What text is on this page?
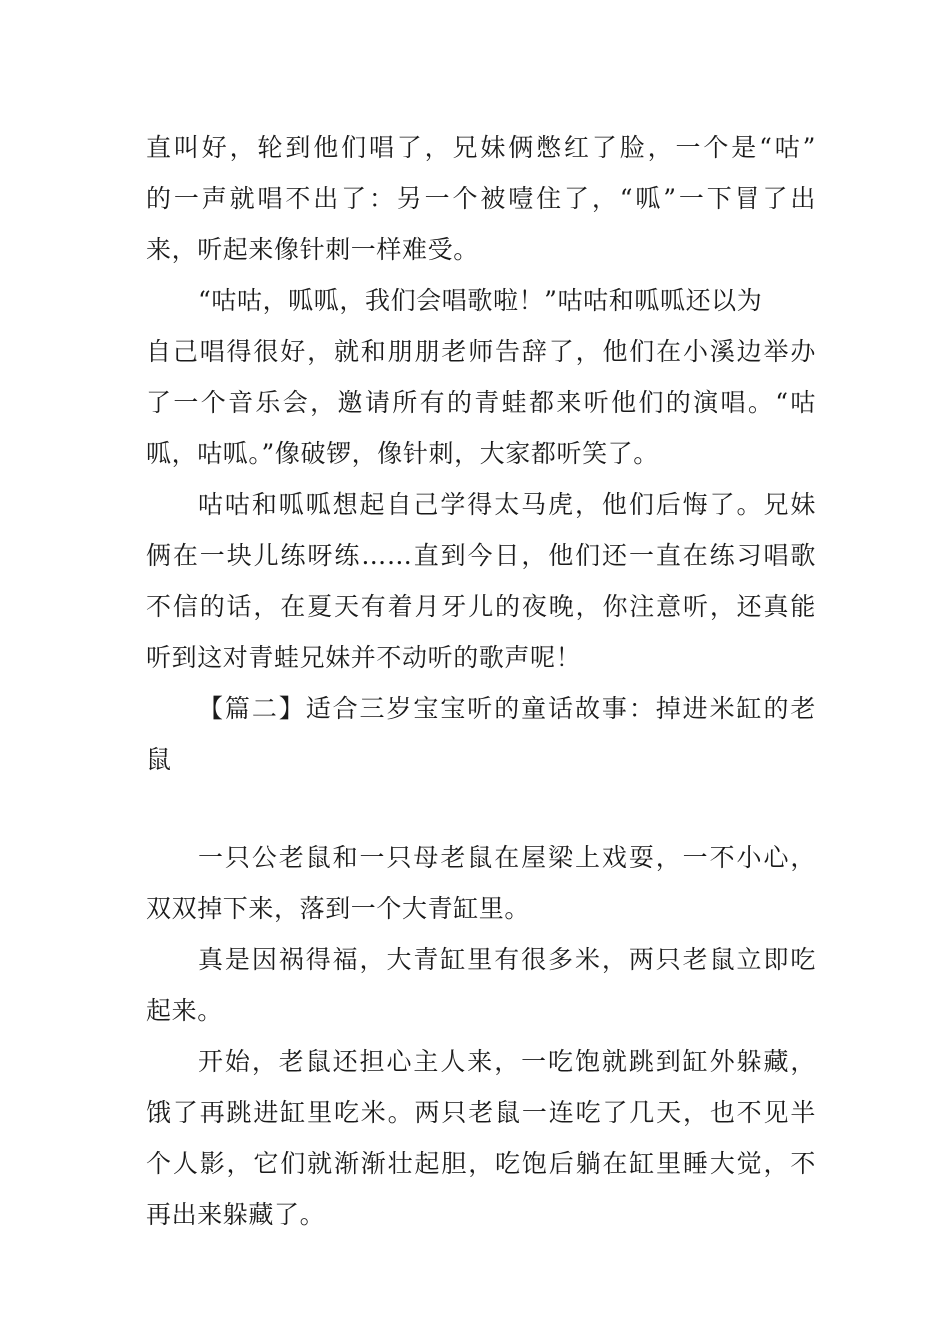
直叫好，轮到他们唱了，兄妹俩憋红了脸，一个是“咕”
的一声就唱不出了：另一个被噎住了，“呱”一下冒了出
来，听起来像针刺一样难受。
“咕咕，呱呱，我们会唱歌啦！”咕咕和呱呱还以为
自己唱得很好，就和朋朋老师告辞了，他们在小溪边举办
了一个音乐会，邀请所有的青蛙都来听他们的演唱。“咕
呱，咕呱。”像破锣，像针刺，大家都听笑了。
咕咕和呱呱想起自己学得太马虎，他们后悔了。兄妹
俩在一块儿练呀练……直到今日，他们还一直在练习唱歌
不信的话，在夏天有着月牙儿的夜晚，你注意听，还真能
听到这对青蛙兄妹并不动听的歌声呢！
【篇二】适合三岁宝宝听的童话故事：掉进米缸的老
鼠
一只公老鼠和一只母老鼠在屋梁上戏耍，一不小心，
双双掉下来，落到一个大青缸里。
真是因祸得福，大青缸里有很多米，两只老鼠立即吃
起来。
开始，老鼠还担心主人来，一吃饱就跳到缸外躲藏，
饿了再跳进缸里吃米。两只老鼠一连吃了几天，也不见半
个人影，它们就渐渐壮起胆，吃饱后躺在缸里睡大觉，不
再出来躲藏了。
